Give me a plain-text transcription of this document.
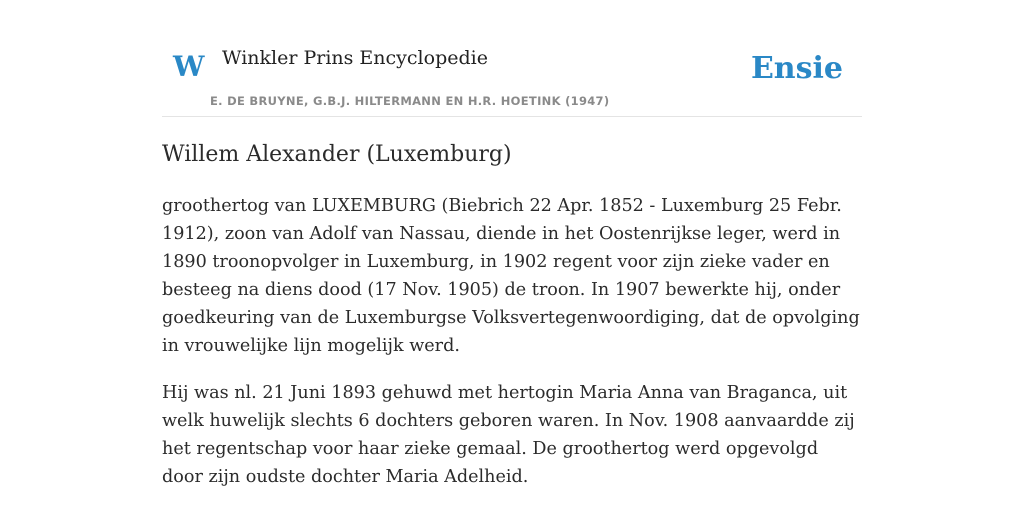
W Winkler Prins Encyclopedie
E. DE BRUYNE, G.B.J. HILTERMANN EN H.R. HOETINK (1947)
Ensie
Willem Alexander (Luxemburg)

groothertog van LUXEMBURG (Biebrich 22 Apr. 1852 - Luxemburg 25 Febr. 1912), zoon van Adolf van Nassau, diende in het Oostenrijkse leger, werd in 1890 troonopvolger in Luxemburg, in 1902 regent voor zijn zieke vader en besteeg na diens dood (17 Nov. 1905) de troon. In 1907 bewerkte hij, onder goedkeuring van de Luxemburgse Volksvertegenwoordiging, dat de opvolging in vrouwelijke lijn mogelijk werd.

Hij was nl. 21 Juni 1893 gehuwd met hertogin Maria Anna van Braganca, uit welk huwelijk slechts 6 dochters geboren waren. In Nov. 1908 aanvaardde zij het regentschap voor haar zieke gemaal. De groothertog werd opgevolgd door zijn oudste dochter Maria Adelheid.
